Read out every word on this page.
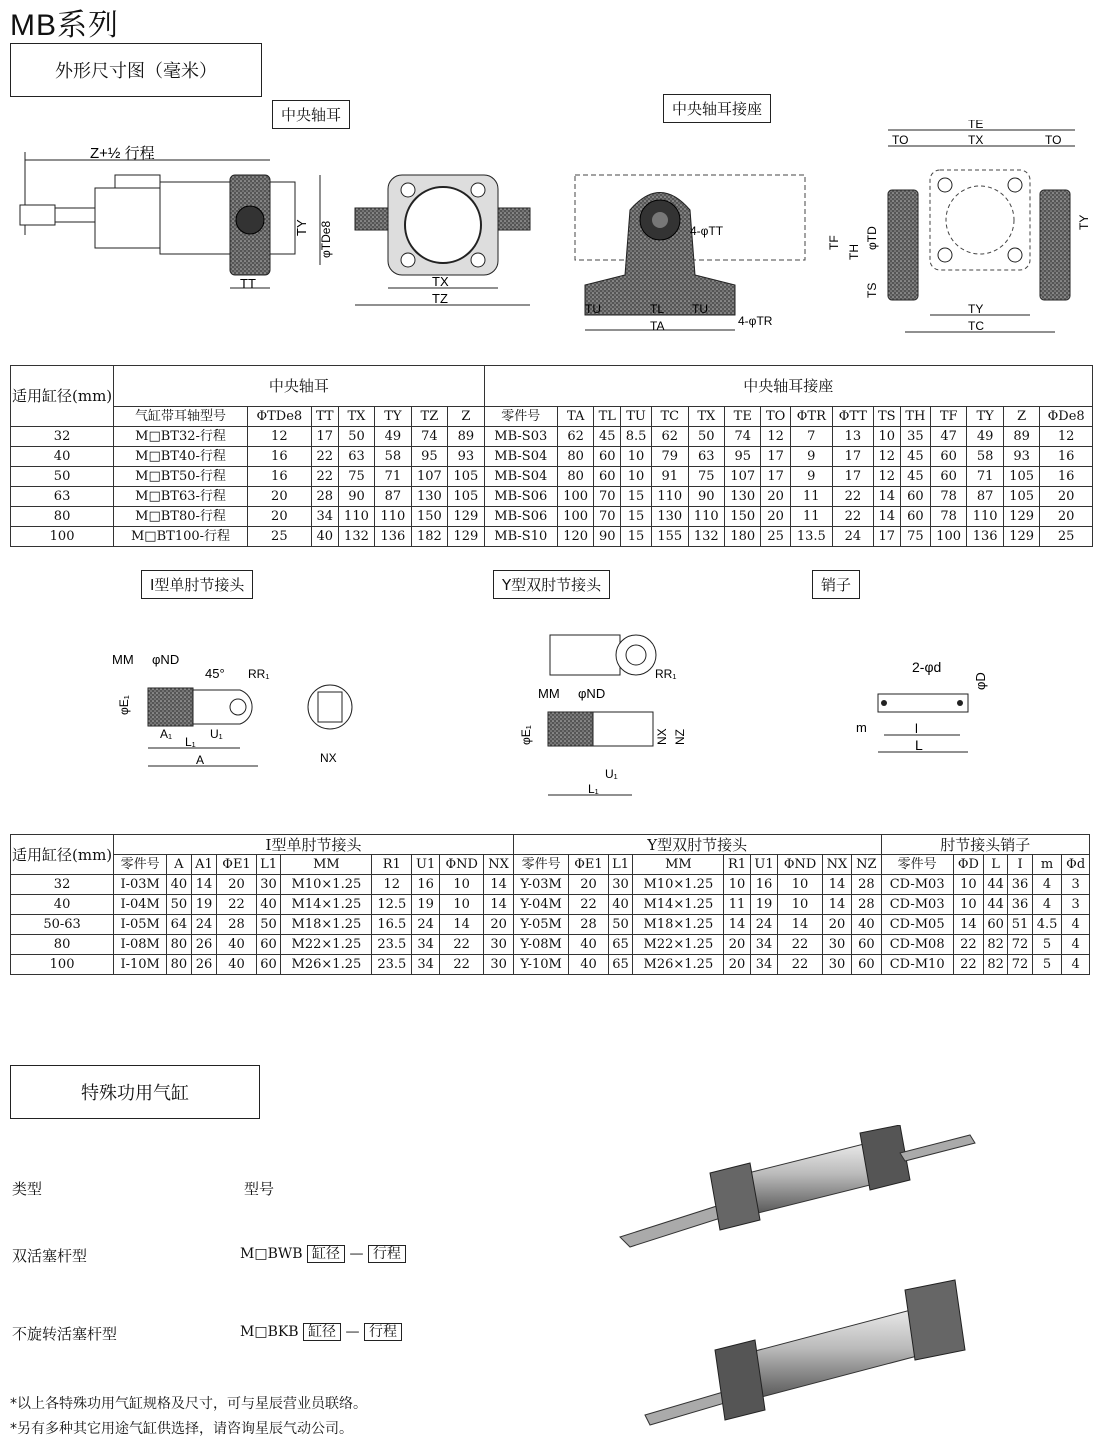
MB系列
外形尺寸图（毫米）
中央轴耳	中央轴耳接座
Z+½ 行程
TT
TY φTDe8
TX
TZ
4-φTT
TU	TL TU
TA	4-φTR
TE
TO	TX	TO
TF
TH
φTD
TS
TY
TY
TC
适用缸径(mm)	中央轴耳							中央轴耳接座															
	气缸带耳轴型号	ΦTDe8	TT	TX	TY	TZ	Z	零件号	TA	TL	TU	TC	TX	TE	TO	ΦTR	ΦTT	TS	TH	TF	TY	Z	ΦDe8
32	M□BT32-行程	12	17	50	49	74	89	MB-S03	62	45	8.5	62	50	74	12	7	13	10	35	47	49	89	12
40	M□BT40-行程	16	22	63	58	95	93	MB-S04	80	60	10	79	63	95	17	9	17	12	45	60	58	93	16
50	M□BT50-行程	16	22	75	71	107	105	MB-S04	80	60	10	91	75	107	17	9	17	12	45	60	71	105	16
63	M□BT63-行程	20	28	90	87	130	105	MB-S06	100	70	15	110	90	130	20	11	22	14	60	78	87	105	20
80	M□BT80-行程	20	34	110	110	150	129	MB-S06	100	70	15	130	110	150	20	11	22	14	60	78	110	129	20
100	M□BT100-行程	25	40	132	136	182	129	MB-S10	120	90	15	155	132	180	25	13.5	24	17	75	100	136	129	25
I型单肘节接头	Y型双肘节接头	销子
MM φND
45° RR₁
φE₁
A₁	U₁
L₁
A	NX
RR₁
MM φND
φE₁	NX NZ
U₁
L₁
2-φd
φD
m	l
L
适用缸径(mm)	I型单肘节接头										Y型双肘节接头									肘节接头销子					
	零件号	A	A1	ΦE1	L1	MM	R1	U1	ΦND	NX	零件号	ΦE1	L1	MM	R1	U1	ΦND	NX	NZ	零件号	ΦD	L	I	m	Φd
32	I-03M	40	14	20	30	M10×1.25	12	16	10	14	Y-03M	20	30	M10×1.25	10	16	10	14	28	CD-M03	10	44	36	4	3
40	I-04M	50	19	22	40	M14×1.25	12.5	19	10	14	Y-04M	22	40	M14×1.25	11	19	10	14	28	CD-M03	10	44	36	4	3
50-63	I-05M	64	24	28	50	M18×1.25	16.5	24	14	20	Y-05M	28	50	M18×1.25	14	24	14	20	40	CD-M05	14	60	51	4.5	4
80	I-08M	80	26	40	60	M22×1.25	23.5	34	22	30	Y-08M	40	65	M22×1.25	20	34	22	30	60	CD-M08	22	82	72	5	4
100	I-10M	80	26	40	60	M26×1.25	23.5	34	22	30	Y-10M	40	65	M26×1.25	20	34	22	30	60	CD-M10	22	82	72	5	4
特殊功用气缸
类型	型号
双活塞杆型	M□BWB 缸径 — 行程
不旋转活塞杆型	M□BKB 缸径 — 行程
*以上各特殊功用气缸规格及尺寸，可与星辰营业员联络。
*另有多种其它用途气缸供选择，请咨询星辰气动公司。
